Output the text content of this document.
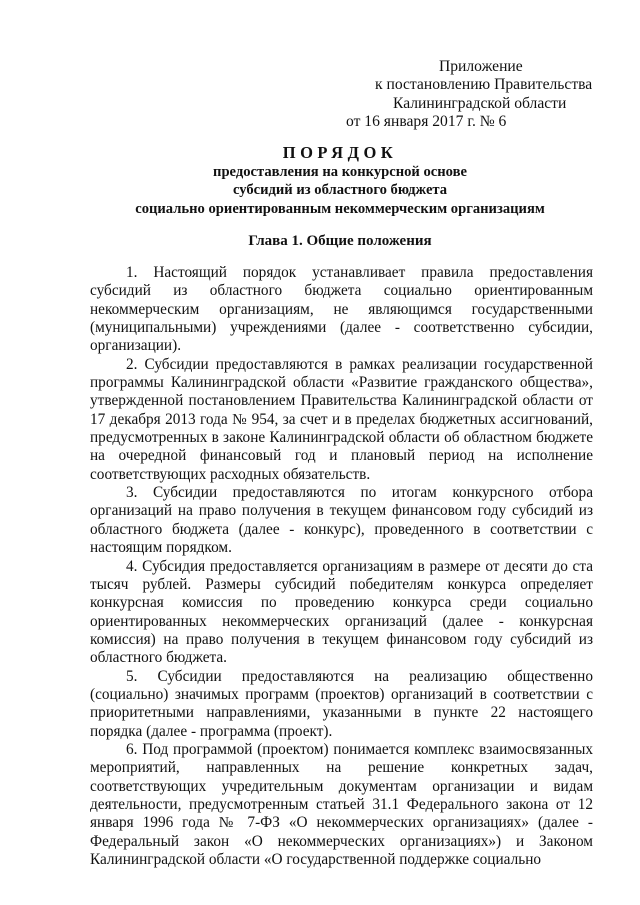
Приложение
к постановлению Правительства
Калининградской области
от 16 января 2017 г. № 6
ПОРЯДОК
предоставления на конкурсной основе
субсидий из областного бюджета
социально ориентированным некоммерческим организациям
Глава 1. Общие положения

1. Настоящий порядок устанавливает правила предоставления субсидий из областного бюджета социально ориентированным некоммерческим организациям, не являющимся государственными (муниципальными) учреждениями (далее - соответственно субсидии, организации).

2. Субсидии предоставляются в рамках реализации государственной программы Калининградской области «Развитие гражданского общества», утвержденной постановлением Правительства Калининградской области от 17 декабря 2013 года № 954, за счет и в пределах бюджетных ассигнований, предусмотренных в законе Калининградской области об областном бюджете на очередной финансовый год и плановый период на исполнение соответствующих расходных обязательств.

3. Субсидии предоставляются по итогам конкурсного отбора организаций на право получения в текущем финансовом году субсидий из областного бюджета (далее - конкурс), проведенного в соответствии с настоящим порядком.

4. Субсидия предоставляется организациям в размере от десяти до ста тысяч рублей. Размеры субсидий победителям конкурса определяет конкурсная комиссия по проведению конкурса среди социально ориентированных некоммерческих организаций (далее - конкурсная комиссия) на право получения в текущем финансовом году субсидий из областного бюджета.

5. Субсидии предоставляются на реализацию общественно (социально) значимых программ (проектов) организаций в соответствии с приоритетными направлениями, указанными в пункте 22 настоящего порядка (далее - программа (проект).

6. Под программой (проектом) понимается комплекс взаимосвязанных мероприятий, направленных на решение конкретных задач, соответствующих учредительным документам организации и видам деятельности, предусмотренным статьей 31.1 Федерального закона от 12 января 1996 года № 7-ФЗ «О некоммерческих организациях» (далее - Федеральный закон «О некоммерческих организациях») и Законом Калининградской области «О государственной поддержке социально
